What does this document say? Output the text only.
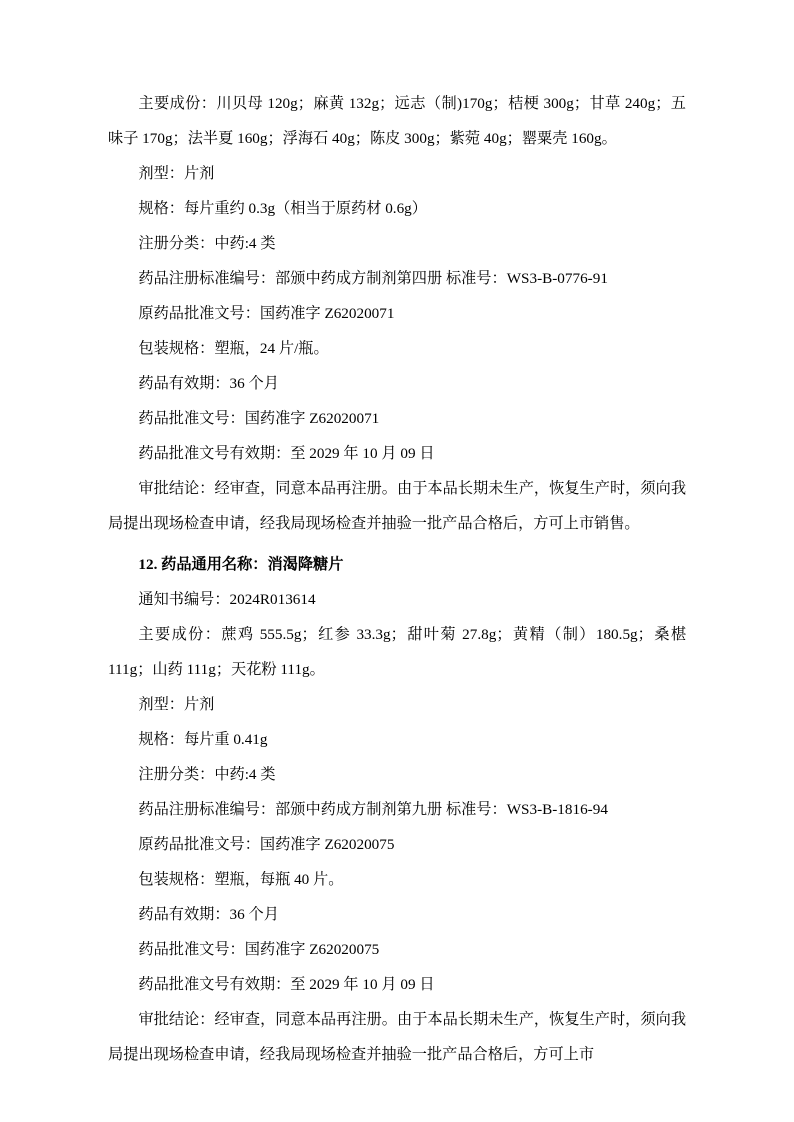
主要成份：川贝母 120g；麻黄 132g；远志（制)170g；桔梗 300g；甘草 240g；五味子 170g；法半夏 160g；浮海石 40g；陈皮 300g；紫菀 40g；罂粟壳 160g。

剂型：片剂

规格：每片重约 0.3g（相当于原药材 0.6g）

注册分类：中药:4 类

药品注册标准编号：部颁中药成方制剂第四册 标准号：WS3-B-0776-91

原药品批准文号：国药准字 Z62020071

包装规格：塑瓶，24 片/瓶。

药品有效期：36 个月

药品批准文号：国药准字 Z62020071

药品批准文号有效期：至 2029 年 10 月 09 日

审批结论：经审查，同意本品再注册。由于本品长期未生产，恢复生产时，须向我局提出现场检查申请，经我局现场检查并抽验一批产品合格后，方可上市销售。

12. 药品通用名称：消渴降糖片

通知书编号：2024R013614

主要成份：蔗鸡 555.5g；红参 33.3g；甜叶菊 27.8g；黄精（制）180.5g；桑椹 111g；山药 111g；天花粉 111g。

剂型：片剂

规格：每片重 0.41g

注册分类：中药:4 类

药品注册标准编号：部颁中药成方制剂第九册 标准号：WS3-B-1816-94

原药品批准文号：国药准字 Z62020075

包装规格：塑瓶，每瓶 40 片。

药品有效期：36 个月

药品批准文号：国药准字 Z62020075

药品批准文号有效期：至 2029 年 10 月 09 日

审批结论：经审查，同意本品再注册。由于本品长期未生产，恢复生产时，须向我局提出现场检查申请，经我局现场检查并抽验一批产品合格后，方可上市
